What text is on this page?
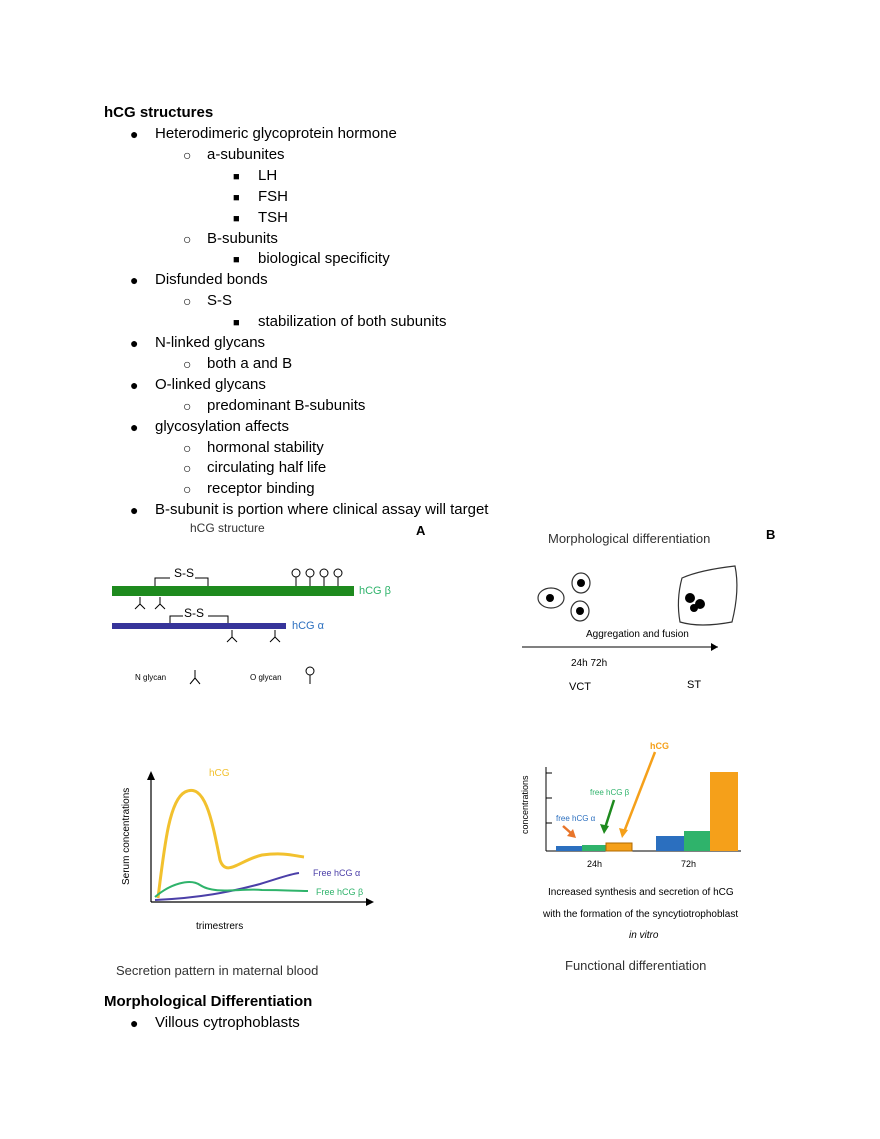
hCG structures
● Heterodimeric glycoprotein hormone
○ a-subunites
■ LH
■ FSH
■ TSH
○ B-subunits
■ biological specificity
● Disfunded bonds
○ S-S
■ stabilization of both subunits
● N-linked glycans
○ both a and B
● O-linked glycans
○ predominant B-subunits
● glycosylation affects
○ hormonal stability
○ circulating half life
○ receptor binding
● B-subunit is portion where clinical assay will target
hCG structure	A
hCG β
hCG α
S-S
S-S
N glycan	O glycan
Morphological differentiation	B
Aggregation and fusion
24h 72h
VCT	ST
Serum concentrations
hCG
Free hCG α
Free hCG β
trimestrers
Secretion pattern in maternal blood
concentrations
hCG
free hCG β
free hCG α
24h	72h
Increased synthesis and secretion of hCG
with the formation of the syncytiotrophoblast
in vitro
Functional differentiation
Morphological Differentiation
● Villous cytrophoblasts
